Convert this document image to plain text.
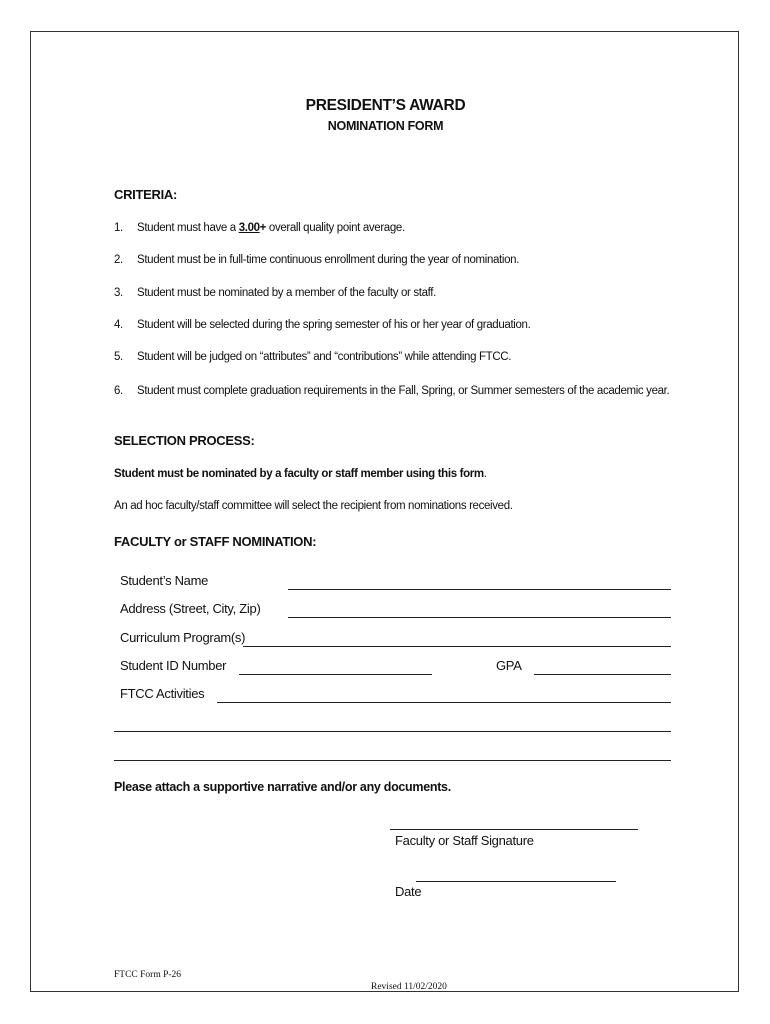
PRESIDENT’S AWARD
NOMINATION FORM
CRITERIA:
1. Student must have a 3.00+ overall quality point average.
2. Student must be in full-time continuous enrollment during the year of nomination.
3. Student must be nominated by a member of the faculty or staff.
4. Student will be selected during the spring semester of his or her year of graduation.
5. Student will be judged on “attributes” and “contributions” while attending FTCC.
6. Student must complete graduation requirements in the Fall, Spring, or Summer semesters of the academic year.
SELECTION PROCESS:
Student must be nominated by a faculty or staff member using this form.
An ad hoc faculty/staff committee will select the recipient from nominations received.
FACULTY or STAFF NOMINATION:
Student’s Name
Address (Street, City, Zip)
Curriculum Program(s)
Student ID Number	GPA
FTCC Activities
Please attach a supportive narrative and/or any documents.
Faculty or Staff Signature
Date
FTCC Form P-26
Revised 11/02/2020
